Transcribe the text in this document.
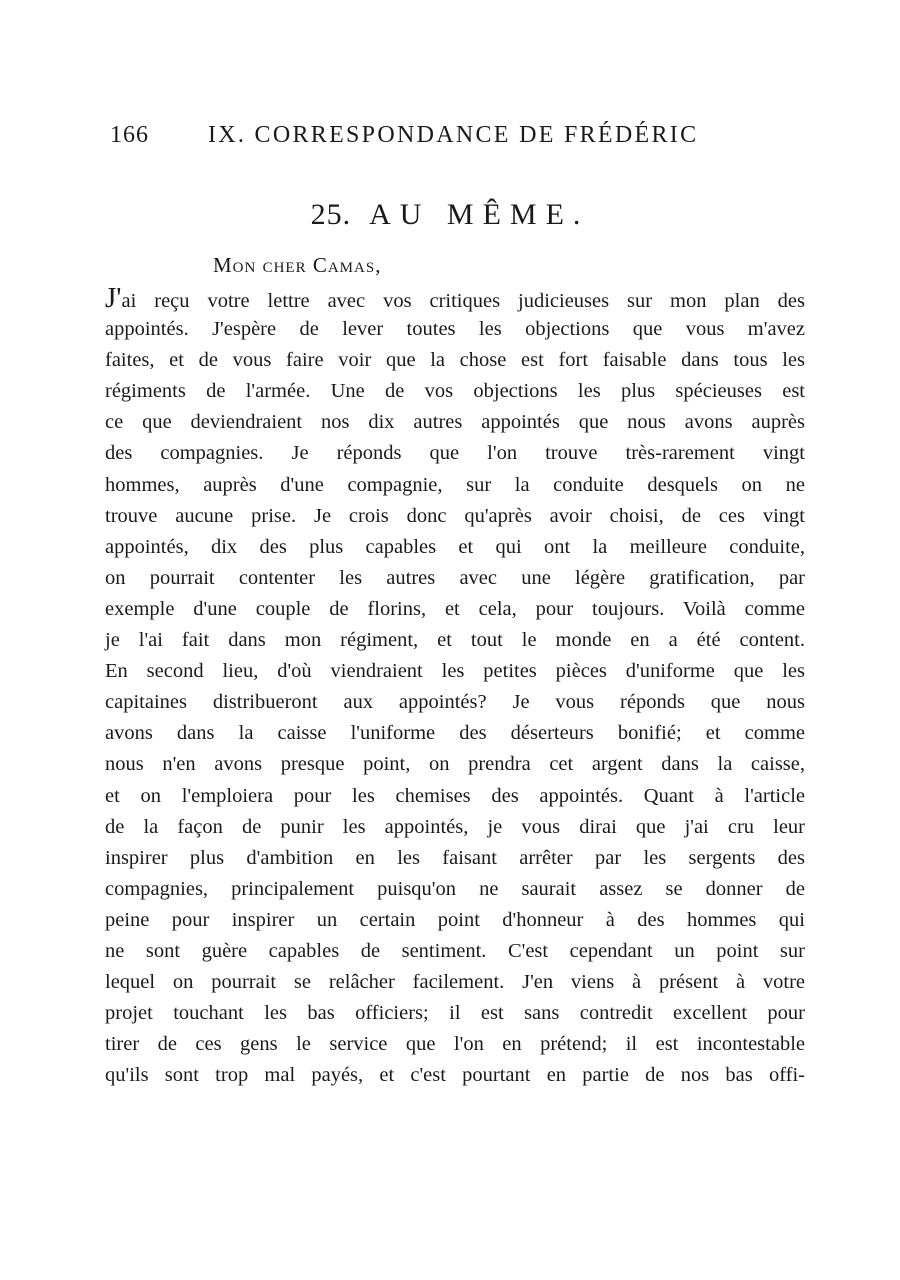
166 IX. CORRESPONDANCE DE FRÉDÉRIC
25. AU MÊME.
Mon cher Camas,
J'ai reçu votre lettre avec vos critiques judicieuses sur mon plan des
appointés. J'espère de lever toutes les objections que vous m'avez
faites, et de vous faire voir que la chose est fort faisable dans tous les
régiments de l'armée. Une de vos objections les plus spécieuses est
ce que deviendraient nos dix autres appointés que nous avons auprès
des compagnies. Je réponds que l'on trouve très-rarement vingt
hommes, auprès d'une compagnie, sur la conduite desquels on ne
trouve aucune prise. Je crois donc qu'après avoir choisi, de ces vingt
appointés, dix des plus capables et qui ont la meilleure conduite,
on pourrait contenter les autres avec une légère gratification, par
exemple d'une couple de florins, et cela, pour toujours. Voilà comme
je l'ai fait dans mon régiment, et tout le monde en a été content.
En second lieu, d'où viendraient les petites pièces d'uniforme que les
capitaines distribueront aux appointés? Je vous réponds que nous
avons dans la caisse l'uniforme des déserteurs bonifié; et comme
nous n'en avons presque point, on prendra cet argent dans la caisse,
et on l'emploiera pour les chemises des appointés. Quant à l'article
de la façon de punir les appointés, je vous dirai que j'ai cru leur
inspirer plus d'ambition en les faisant arrêter par les sergents des
compagnies, principalement puisqu'on ne saurait assez se donner de
peine pour inspirer un certain point d'honneur à des hommes qui
ne sont guère capables de sentiment. C'est cependant un point sur
lequel on pourrait se relâcher facilement. J'en viens à présent à votre
projet touchant les bas officiers; il est sans contredit excellent pour
tirer de ces gens le service que l'on en prétend; il est incontestable
qu'ils sont trop mal payés, et c'est pourtant en partie de nos bas offi-
